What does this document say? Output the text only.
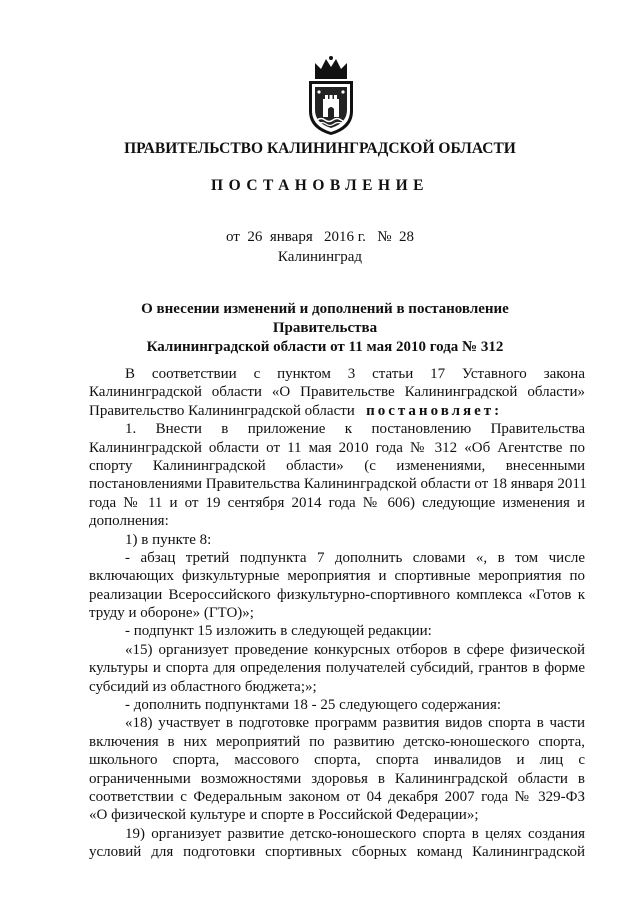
ПРАВИТЕЛЬСТВО КАЛИНИНГРАДСКОЙ ОБЛАСТИ
ПОСТАНОВЛЕНИЕ
от 26 января 2016 г. № 28
Калининград
О внесении изменений и дополнений в постановление Правительства
Калининградской области от 11 мая 2010 года № 312
В соответствии с пунктом 3 статьи 17 Уставного закона
Калининградской области «О Правительстве Калининградской области»
Правительство Калининградской области постановляет:
1. Внести в приложение к постановлению Правительства
Калининградской области от 11 мая 2010 года № 312 «Об Агентстве по
спорту Калининградской области» (с изменениями, внесенными
постановлениями Правительства Калининградской области от 18 января 2011
года № 11 и от 19 сентября 2014 года № 606) следующие изменения и
дополнения:
1) в пункте 8:
- абзац третий подпункта 7 дополнить словами «, в том числе
включающих физкультурные мероприятия и спортивные мероприятия по
реализации Всероссийского физкультурно-спортивного комплекса «Готов к
труду и обороне» (ГТО)»;
- подпункт 15 изложить в следующей редакции:
«15) организует проведение конкурсных отборов в сфере физической
культуры и спорта для определения получателей субсидий, грантов в форме
субсидий из областного бюджета;»;
- дополнить подпунктами 18 - 25 следующего содержания:
«18) участвует в подготовке программ развития видов спорта в части
включения в них мероприятий по развитию детско-юношеского спорта,
школьного спорта, массового спорта, спорта инвалидов и лиц с
ограниченными возможностями здоровья в Калининградской области в
соответствии с Федеральным законом от 04 декабря 2007 года № 329-ФЗ
«О физической культуре и спорте в Российской Федерации»;
19) организует развитие детско-юношеского спорта в целях создания
условий для подготовки спортивных сборных команд Калининградской
